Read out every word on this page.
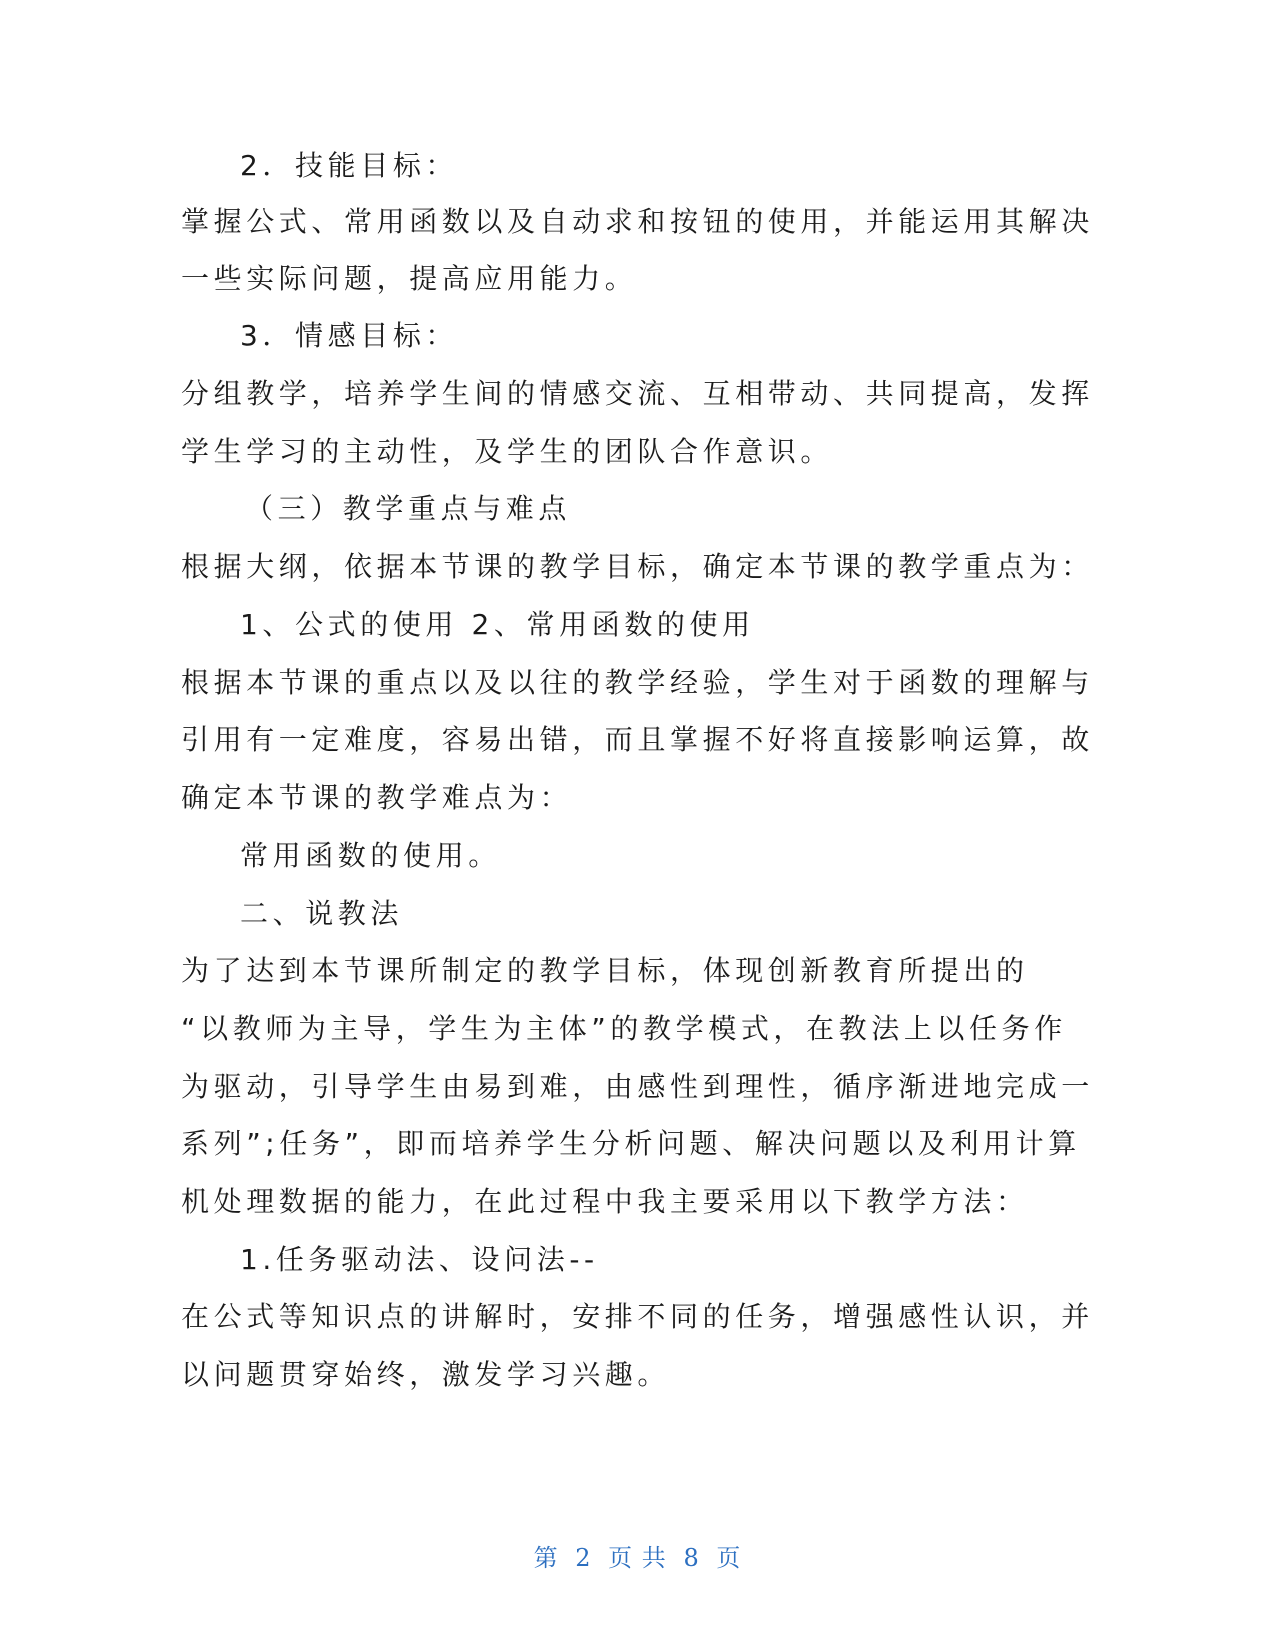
2．技能目标：
掌握公式、常用函数以及自动求和按钮的使用，并能运用其解决
一些实际问题，提高应用能力。
3．情感目标：
分组教学，培养学生间的情感交流、互相带动、共同提高，发挥
学生学习的主动性，及学生的团队合作意识。
（三）教学重点与难点
根据大纲，依据本节课的教学目标，确定本节课的教学重点为：
1、公式的使用 2、常用函数的使用
根据本节课的重点以及以往的教学经验，学生对于函数的理解与
引用有一定难度，容易出错，而且掌握不好将直接影响运算，故
确定本节课的教学难点为：
常用函数的使用。
二、说教法
为了达到本节课所制定的教学目标，体现创新教育所提出的
“以教师为主导，学生为主体”的教学模式，在教法上以任务作
为驱动，引导学生由易到难，由感性到理性，循序渐进地完成一
系列”;任务”，即而培养学生分析问题、解决问题以及利用计算
机处理数据的能力，在此过程中我主要采用以下教学方法：
1.任务驱动法、设问法--
在公式等知识点的讲解时，安排不同的任务，增强感性认识，并
以问题贯穿始终，激发学习兴趣。
第 2 页 共 8 页
